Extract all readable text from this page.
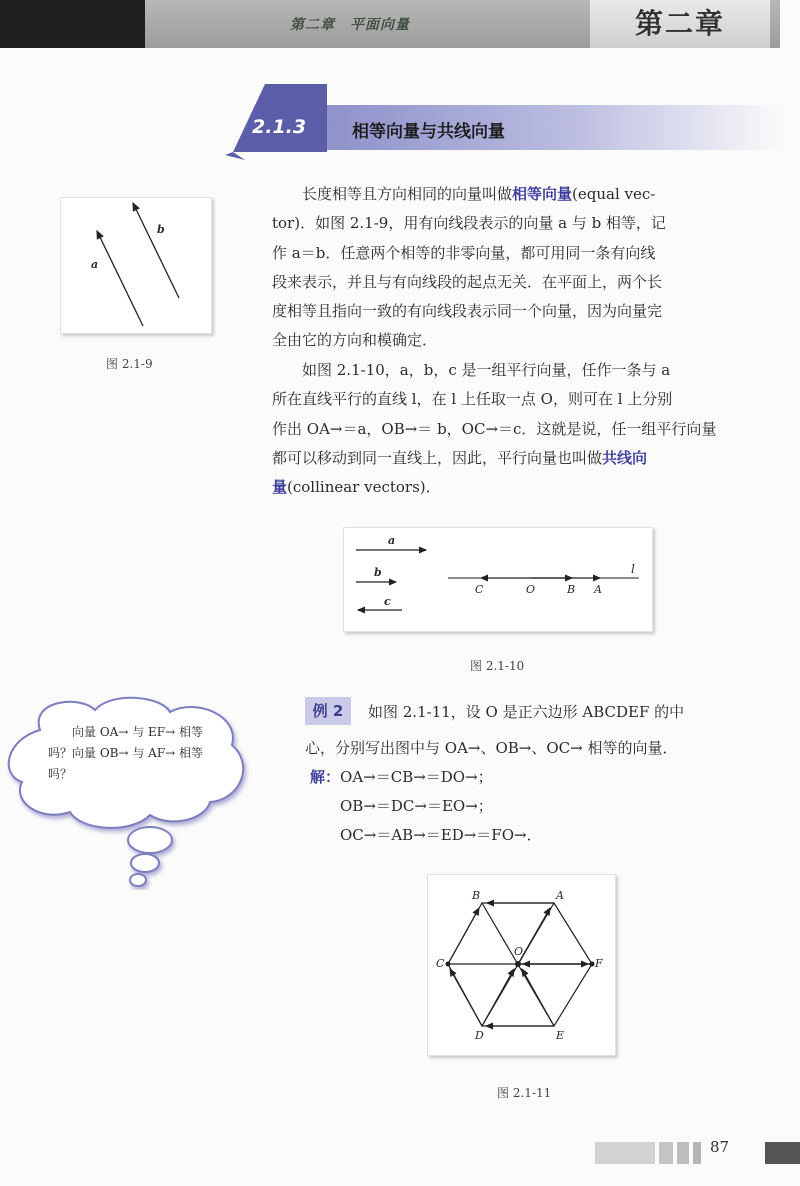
第二章　平面向量	第二章
2.1.3	相等向量与共线向量
a
b
图 2.1-9
　　长度相等且方向相同的向量叫做相等向量(equal vec-
tor)．如图 2.1-9，用有向线段表示的向量 a 与 b 相等，记
作 a＝b．任意两个相等的非零向量，都可用同一条有向线
段来表示，并且与有向线段的起点无关．在平面上，两个长
度相等且指向一致的有向线段表示同一个向量，因为向量完
全由它的方向和模确定．
　　如图 2.1-10，a，b，c 是一组平行向量，任作一条与 a
所在直线平行的直线 l，在 l 上任取一点 O，则可在 l 上分别
作出 OA→＝a，OB→＝ b，OC→＝c．这就是说，任一组平行向量
都可以移动到同一直线上，因此，平行向量也叫做共线向
量(collinear vectors)．
a
b
c
l
C	O	B A
图 2.1-10
　　向量 OA→ 与 EF→ 相等
吗？向量 OB→ 与 AF→ 相等
吗？
例 2	如图 2.1-11，设 O 是正六边形 ABCDEF 的中
心，分别写出图中与 OA→、OB→、OC→ 相等的向量．
解：OA→＝CB→＝DO→；
OB→＝DC→＝EO→；
OC→＝AB→＝ED→＝FO→．
A
B
C
D	E
F
O
图 2.1-11
87
